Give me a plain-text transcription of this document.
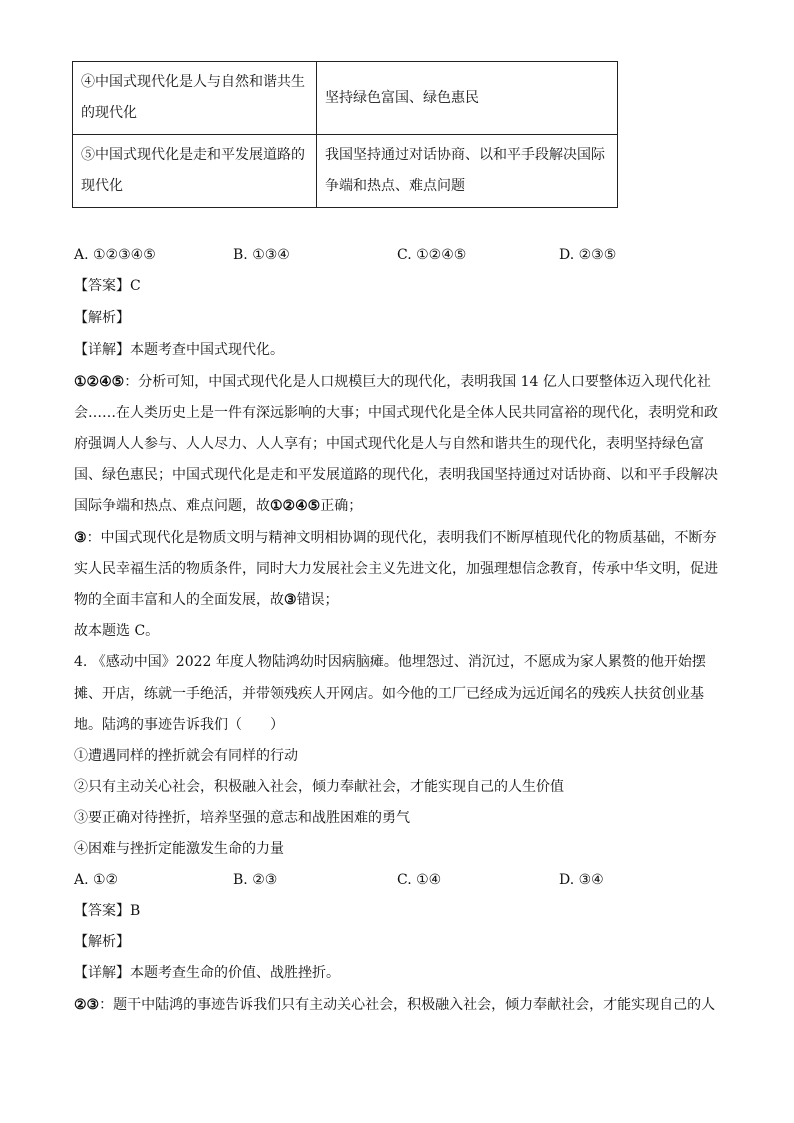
④中国式现代化是人与自然和谐共生
的现代化	坚持绿色富国、绿色惠民
⑤中国式现代化是走和平发展道路的
现代化	我国坚持通过对话协商、以和平手段解决国际
争端和热点、难点问题
A. ①②③④⑤	B. ①③④	C. ①②④⑤	D. ②③⑤
【答案】C
【解析】
【详解】本题考查中国式现代化。
①②④⑤：分析可知，中国式现代化是人口规模巨大的现代化，表明我国 14 亿人口要整体迈入现代化社
会……在人类历史上是一件有深远影响的大事；中国式现代化是全体人民共同富裕的现代化，表明党和政
府强调人人参与、人人尽力、人人享有；中国式现代化是人与自然和谐共生的现代化，表明坚持绿色富
国、绿色惠民；中国式现代化是走和平发展道路的现代化，表明我国坚持通过对话协商、以和平手段解决
国际争端和热点、难点问题，故①②④⑤正确；
③：中国式现代化是物质文明与精神文明相协调的现代化，表明我们不断厚植现代化的物质基础，不断夯
实人民幸福生活的物质条件，同时大力发展社会主义先进文化，加强理想信念教育，传承中华文明，促进
物的全面丰富和人的全面发展，故③错误；
故本题选 C。
4. 《感动中国》2022 年度人物陆鸿幼时因病脑瘫。他埋怨过、消沉过，不愿成为家人累赘的他开始摆
摊、开店，练就一手绝活，并带领残疾人开网店。如今他的工厂已经成为远近闻名的残疾人扶贫创业基
地。陆鸿的事迹告诉我们（　　）
①遭遇同样的挫折就会有同样的行动
②只有主动关心社会，积极融入社会，倾力奉献社会，才能实现自己的人生价值
③要正确对待挫折，培养坚强的意志和战胜困难的勇气
④困难与挫折定能激发生命的力量
A. ①②	B. ②③	C. ①④	D. ③④
【答案】B
【解析】
【详解】本题考查生命的价值、战胜挫折。
②③：题干中陆鸿的事迹告诉我们只有主动关心社会，积极融入社会，倾力奉献社会，才能实现自己的人
